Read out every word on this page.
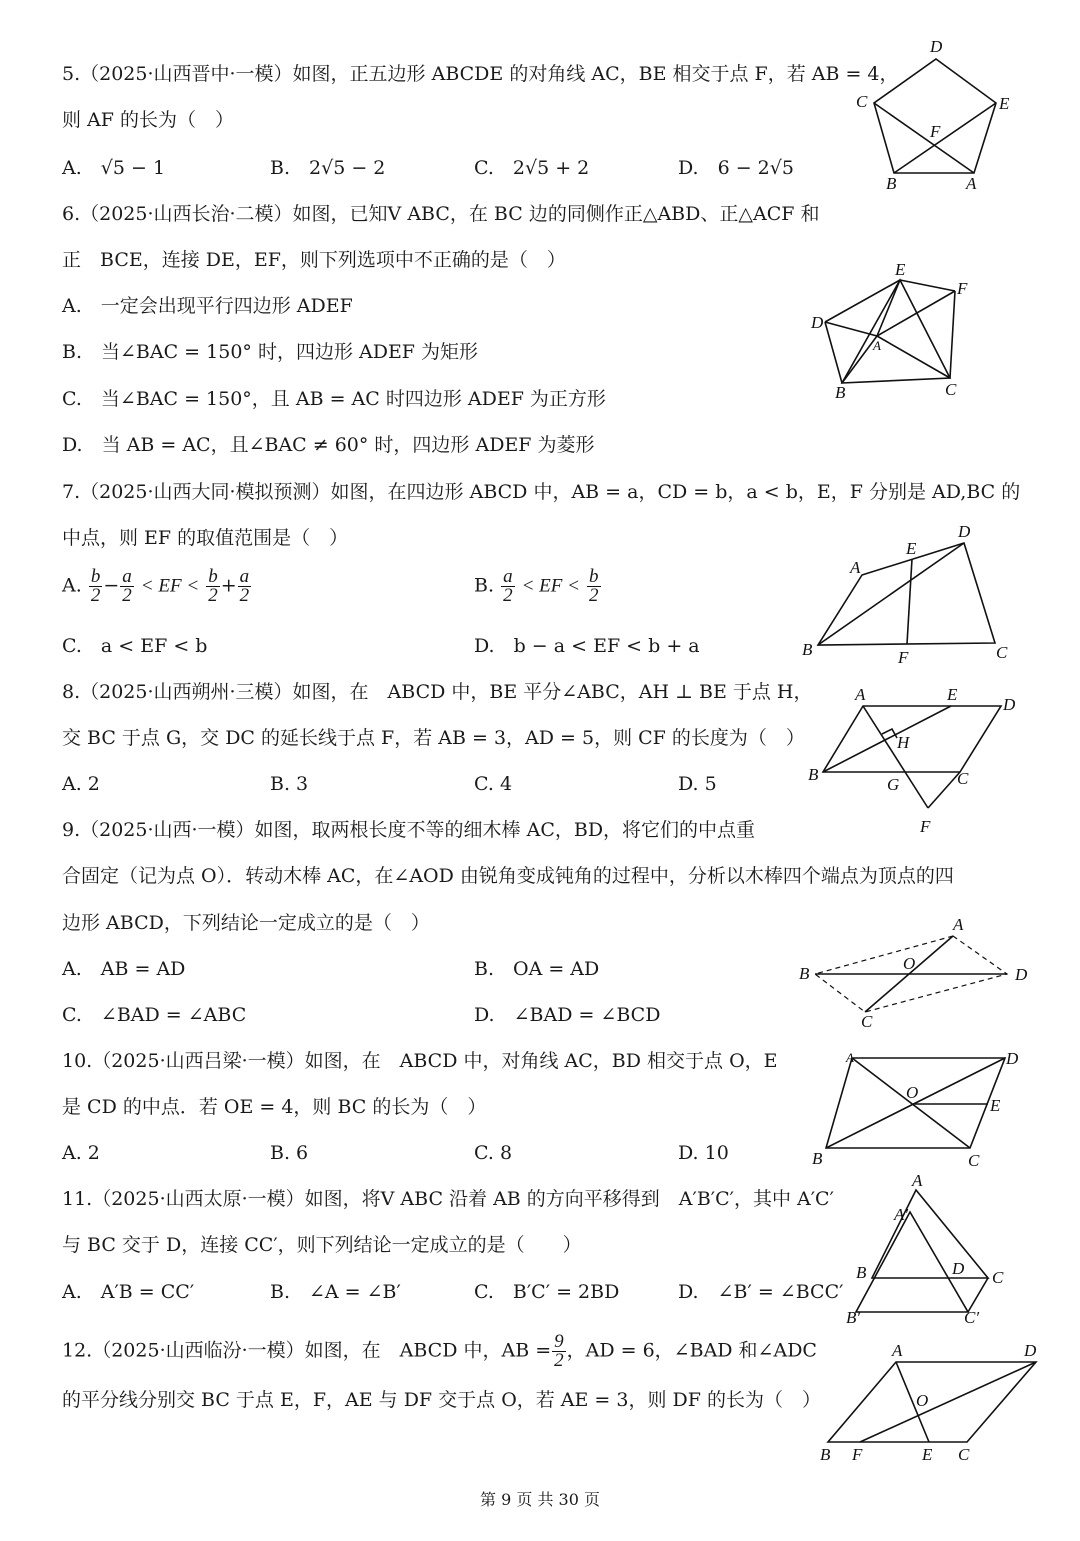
5.（2025·山西晋中·一模）如图，正五边形 ABCDE 的对角线 AC，BE 相交于点 F，若 AB = 4，
则 AF 的长为（　）
A.　√5 − 1	B.　2√5 − 2	C.　2√5 + 2	D.　6 − 2√5
D
C	E
F
B	A
6.（2025·山西长治·二模）如图，已知V ABC，在 BC 边的同侧作正△ABD、正△ACF 和
正　BCE，连接 DE，EF，则下列选项中不正确的是（　）
A.　一定会出现平行四边形 ADEF
B.　当∠BAC = 150° 时，四边形 ADEF 为矩形
C.　当∠BAC = 150°，且 AB = AC 时四边形 ADEF 为正方形
D.　当 AB = AC，且∠BAC ≠ 60° 时，四边形 ADEF 为菱形
E
F
D
A
B	C
7.（2025·山西大同·模拟预测）如图，在四边形 ABCD 中，AB = a，CD = b，a < b，E，F 分别是 AD,BC 的
中点，则 EF 的取值范围是（　）
A. $\frac{b}{2} - \frac{a}{2}$ < EF < $\frac{b}{2} + \frac{a}{2}$	B. $\frac{a}{2}$ < EF < $\frac{b}{2}$
C.　a < EF < b	D.　b − a < EF < b + a
D
E
A
B	F	C
8.（2025·山西朔州·三模）如图，在　ABCD 中，BE 平分∠ABC，AH ⊥ BE 于点 H，
交 BC 于点 G，交 DC 的延长线于点 F，若 AB = 3，AD = 5，则 CF 的长度为（　）
A. 2	B. 3	C. 4	D. 5
A	E
D
H
B
G	C
F
9.（2025·山西·一模）如图，取两根长度不等的细木棒 AC，BD，将它们的中点重
合固定（记为点 O）．转动木棒 AC，在∠AOD 由锐角变成钝角的过程中，分析以木棒四个端点为顶点的四
边形 ABCD，下列结论一定成立的是（　）
A.　AB = AD	B.　OA = AD
C.　∠BAD = ∠ABC	D.　∠BAD = ∠BCD
A
B
O
D
C
10.（2025·山西吕梁·一模）如图，在　ABCD 中，对角线 AC，BD 相交于点 O，E
是 CD 的中点．若 OE = 4，则 BC 的长为（　）
A. 2	B. 6	C. 8	D. 10
A	D
O
E
B	C
11.（2025·山西太原·一模）如图，将V ABC 沿着 AB 的方向平移得到　A′B′C′，其中 A′C′
与 BC 交于 D，连接 CC′，则下列结论一定成立的是（　　）
A.　A′B = CC′	B.　∠A = ∠B′	C.　B′C′ = 2BD	D.　∠B′ = ∠BCC′
A
A′
B	D C
B′	C′
12.（2025·山西临汾·一模）如图，在　ABCD 中，AB = $\frac{9}{2}$ ，AD = 6，∠BAD 和∠ADC
的平分线分别交 BC 于点 E，F，AE 与 DF 交于点 O，若 AE = 3，则 DF 的长为（　）
A	D
O
B F	E C
第 9 页 共 30 页
